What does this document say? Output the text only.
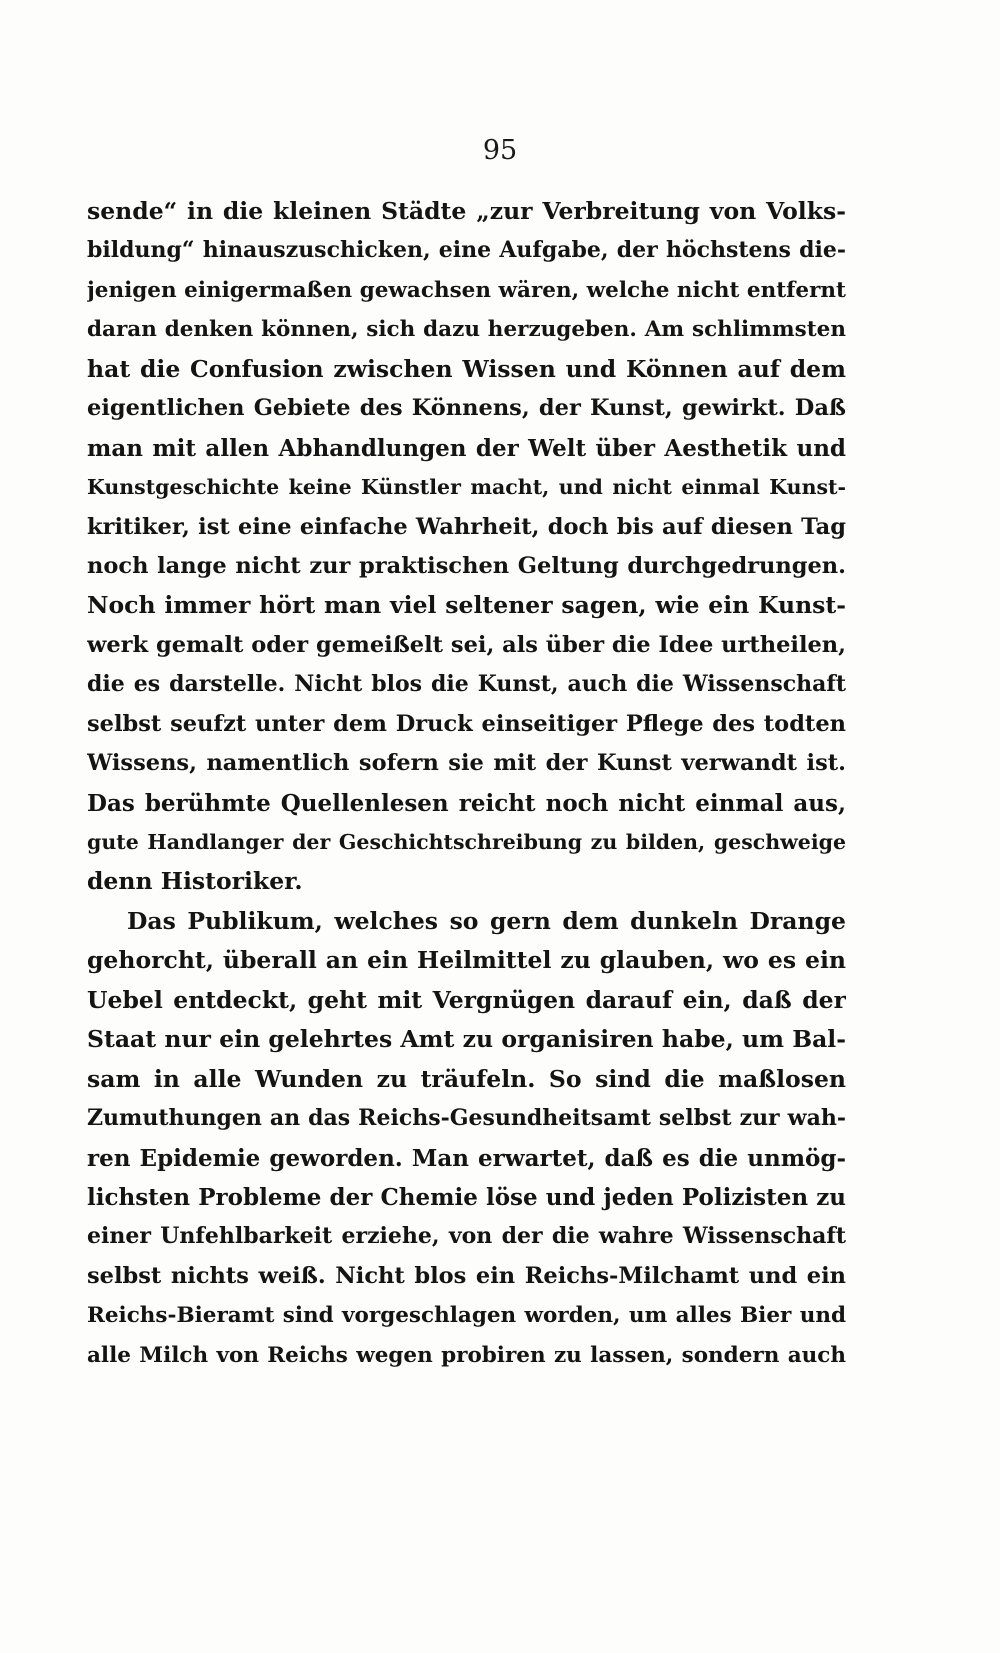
95
sende“ in die kleinen Städte „zur Verbreitung von Volks-
bildung“ hinauszuschicken, eine Aufgabe, der höchstens die-
jenigen einigermaßen gewachsen wären, welche nicht entfernt
daran denken können, sich dazu herzugeben. Am schlimmsten
hat die Confusion zwischen Wissen und Können auf dem
eigentlichen Gebiete des Könnens, der Kunst, gewirkt. Daß
man mit allen Abhandlungen der Welt über Aesthetik und
Kunstgeschichte keine Künstler macht, und nicht einmal Kunst-
kritiker, ist eine einfache Wahrheit, doch bis auf diesen Tag
noch lange nicht zur praktischen Geltung durchgedrungen.
Noch immer hört man viel seltener sagen, wie ein Kunst-
werk gemalt oder gemeißelt sei, als über die Idee urtheilen,
die es darstelle. Nicht blos die Kunst, auch die Wissenschaft
selbst seufzt unter dem Druck einseitiger Pflege des todten
Wissens, namentlich sofern sie mit der Kunst verwandt ist.
Das berühmte Quellenlesen reicht noch nicht einmal aus,
gute Handlanger der Geschichtschreibung zu bilden, geschweige
denn Historiker.
Das Publikum, welches so gern dem dunkeln Drange
gehorcht, überall an ein Heilmittel zu glauben, wo es ein
Uebel entdeckt, geht mit Vergnügen darauf ein, daß der
Staat nur ein gelehrtes Amt zu organisiren habe, um Bal-
sam in alle Wunden zu träufeln. So sind die maßlosen
Zumuthungen an das Reichs-Gesundheitsamt selbst zur wah-
ren Epidemie geworden. Man erwartet, daß es die unmög-
lichsten Probleme der Chemie löse und jeden Polizisten zu
einer Unfehlbarkeit erziehe, von der die wahre Wissenschaft
selbst nichts weiß. Nicht blos ein Reichs-Milchamt und ein
Reichs-Bieramt sind vorgeschlagen worden, um alles Bier und
alle Milch von Reichs wegen probiren zu lassen, sondern auch
